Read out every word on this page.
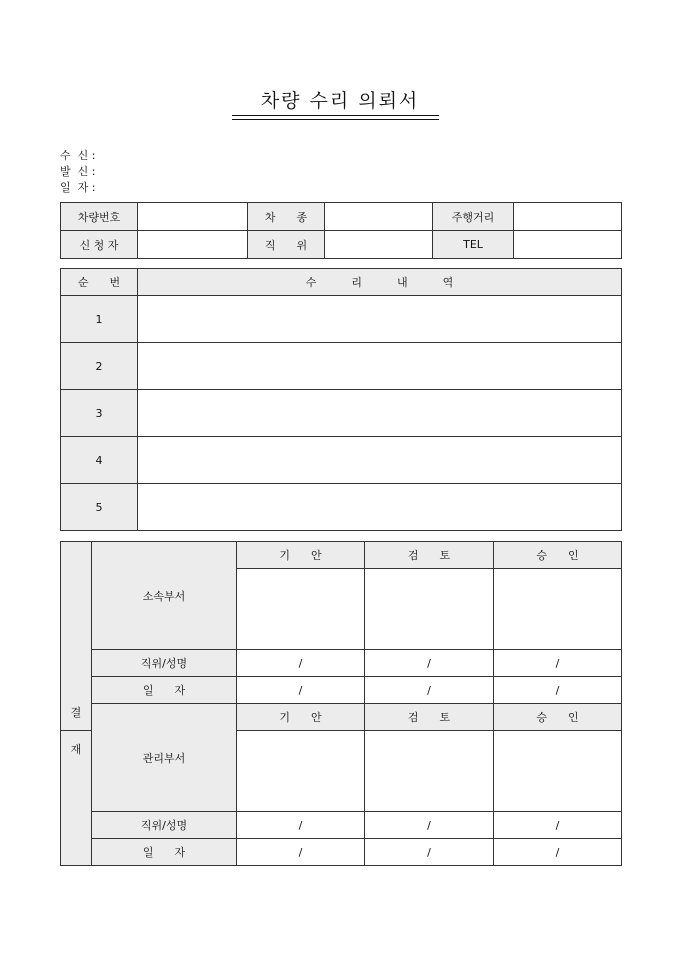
차량 수리 의뢰서
수  신 :
발  신 :
일  자 :
차량번호		차      종		주행거리	
신 청 자		직      위		TEL	
순      번	수          리          내          역
1	
2	
3	
4	
5	
결	소속부서	기      안	검      토	승      인

	직위/성명	/	/	/
	일      자	/	/	/
	관리부서	기      안	검      토	승      인
재				
	직위/성명	/	/	/
	일      자	/	/	/
